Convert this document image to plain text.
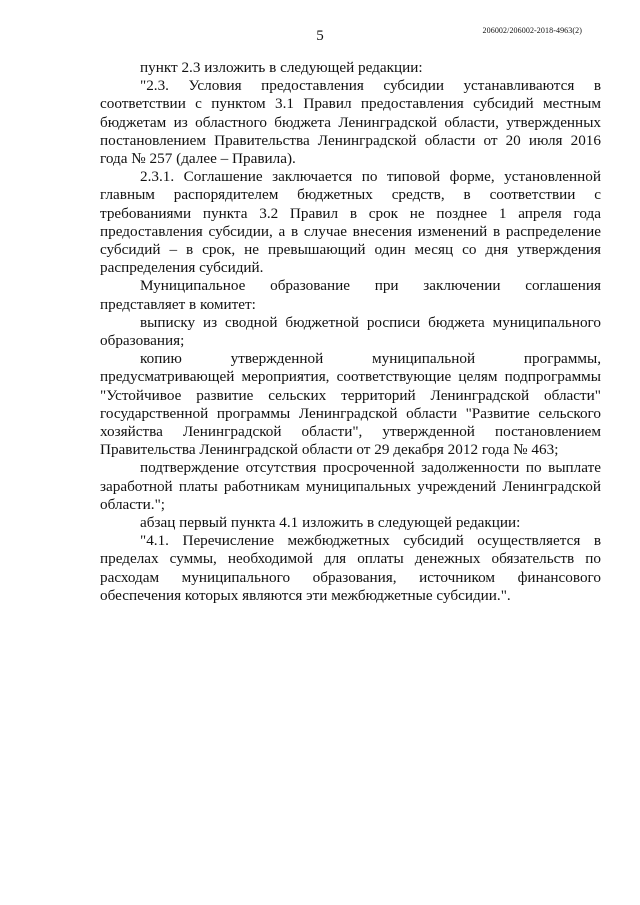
5	206002/206002-2018-4963(2)

пункт 2.3 изложить в следующей редакции:

"2.3. Условия предоставления субсидии устанавливаются в соответствии с пунктом 3.1 Правил предоставления субсидий местным бюджетам из областного бюджета Ленинградской области, утвержденных постановлением Правительства Ленинградской области от 20 июля 2016 года № 257 (далее – Правила).

2.3.1. Соглашение заключается по типовой форме, установленной главным распорядителем бюджетных средств, в соответствии с требованиями пункта 3.2 Правил в срок не позднее 1 апреля года предоставления субсидии, а в случае внесения изменений в распределение субсидий – в срок, не превышающий один месяц со дня утверждения распределения субсидий.

Муниципальное образование при заключении соглашения представляет в комитет:

выписку из сводной бюджетной росписи бюджета муниципального образования;

копию утвержденной муниципальной программы, предусматривающей мероприятия, соответствующие целям подпрограммы "Устойчивое развитие сельских территорий Ленинградской области" государственной программы Ленинградской области "Развитие сельского хозяйства Ленинградской области", утвержденной постановлением Правительства Ленинградской области от 29 декабря 2012 года № 463;

подтверждение отсутствия просроченной задолженности по выплате заработной платы работникам муниципальных учреждений Ленинградской области.";

абзац первый пункта 4.1 изложить в следующей редакции:

"4.1. Перечисление межбюджетных субсидий осуществляется в пределах суммы, необходимой для оплаты денежных обязательств по расходам муниципального образования, источником финансового обеспечения которых являются эти межбюджетные субсидии.".
